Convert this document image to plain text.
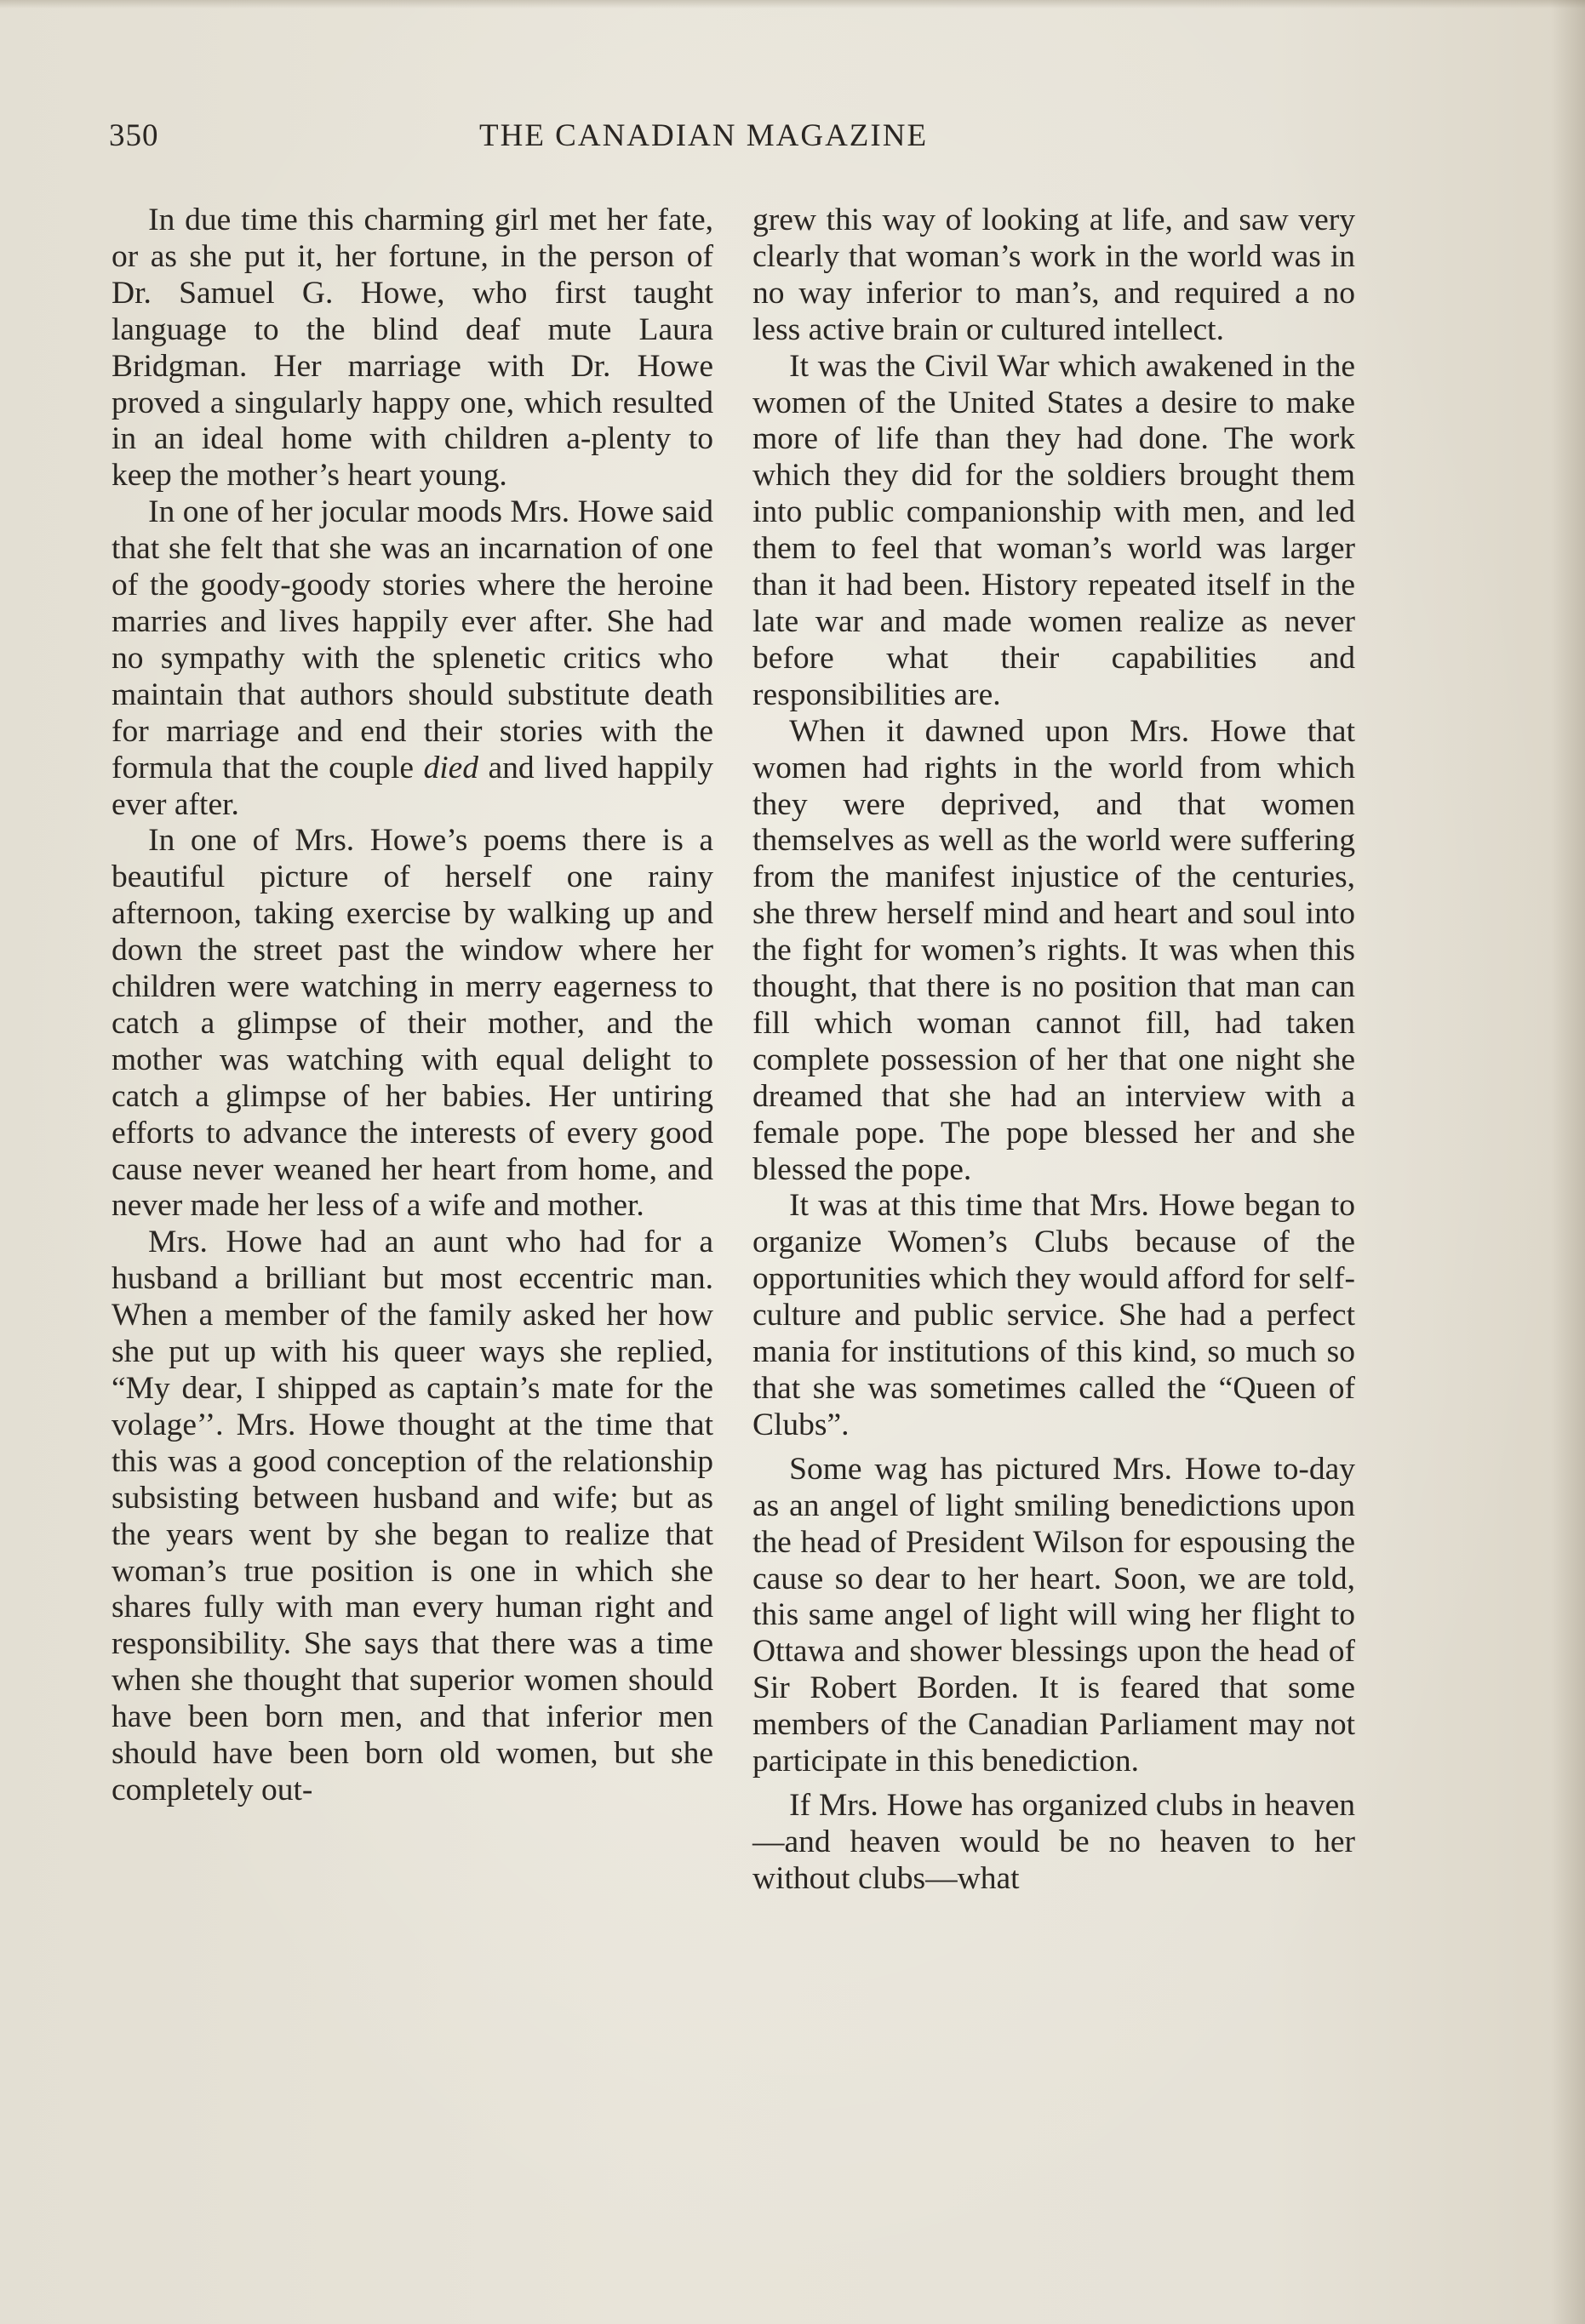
350	THE CANADIAN MAGAZINE

In due time this charming girl met her fate, or as she put it, her fortune, in the person of Dr. Samuel G. Howe, who first taught language to the blind deaf mute Laura Bridgman. Her marriage with Dr. Howe proved a singularly happy one, which resulted in an ideal home with children a-plenty to keep the mother’s heart young.

In one of her jocular moods Mrs. Howe said that she felt that she was an incarnation of one of the goody-goody stories where the heroine marries and lives happily ever after. She had no sympathy with the splenetic critics who maintain that authors should substitute death for marriage and end their stories with the formula that the couple died and lived happily ever after.

In one of Mrs. Howe’s poems there is a beautiful picture of herself one rainy afternoon, taking exercise by walking up and down the street past the window where her children were watching in merry eagerness to catch a glimpse of their mother, and the mother was watching with equal delight to catch a glimpse of her babies. Her untiring efforts to advance the interests of every good cause never weaned her heart from home, and never made her less of a wife and mother.

Mrs. Howe had an aunt who had for a husband a brilliant but most eccentric man. When a member of the family asked her how she put up with his queer ways she replied, “My dear, I shipped as captain’s mate for the volage’’. Mrs. Howe thought at the time that this was a good conception of the relationship subsisting between husband and wife; but as the years went by she began to realize that woman’s true position is one in which she shares fully with man every human right and responsibility. She says that there was a time when she thought that superior women should have been born men, and that inferior men should have been born old women, but she completely out-

grew this way of looking at life, and saw very clearly that woman’s work in the world was in no way inferior to man’s, and required a no less active brain or cultured intellect.

It was the Civil War which awakened in the women of the United States a desire to make more of life than they had done. The work which they did for the soldiers brought them into public companionship with men, and led them to feel that woman’s world was larger than it had been. History repeated itself in the late war and made women realize as never before what their capabilities and responsibilities are.

When it dawned upon Mrs. Howe that women had rights in the world from which they were deprived, and that women themselves as well as the world were suffering from the manifest injustice of the centuries, she threw herself mind and heart and soul into the fight for women’s rights. It was when this thought, that there is no position that man can fill which woman cannot fill, had taken complete possession of her that one night she dreamed that she had an interview with a female pope. The pope blessed her and she blessed the pope.

It was at this time that Mrs. Howe began to organize Women’s Clubs because of the opportunities which they would afford for self-culture and public service. She had a perfect mania for institutions of this kind, so much so that she was sometimes called the “Queen of Clubs”.

Some wag has pictured Mrs. Howe to-day as an angel of light smiling benedictions upon the head of President Wilson for espousing the cause so dear to her heart. Soon, we are told, this same angel of light will wing her flight to Ottawa and shower blessings upon the head of Sir Robert Borden. It is feared that some members of the Canadian Parliament may not participate in this benediction.

If Mrs. Howe has organized clubs in heaven—and heaven would be no heaven to her without clubs—what
